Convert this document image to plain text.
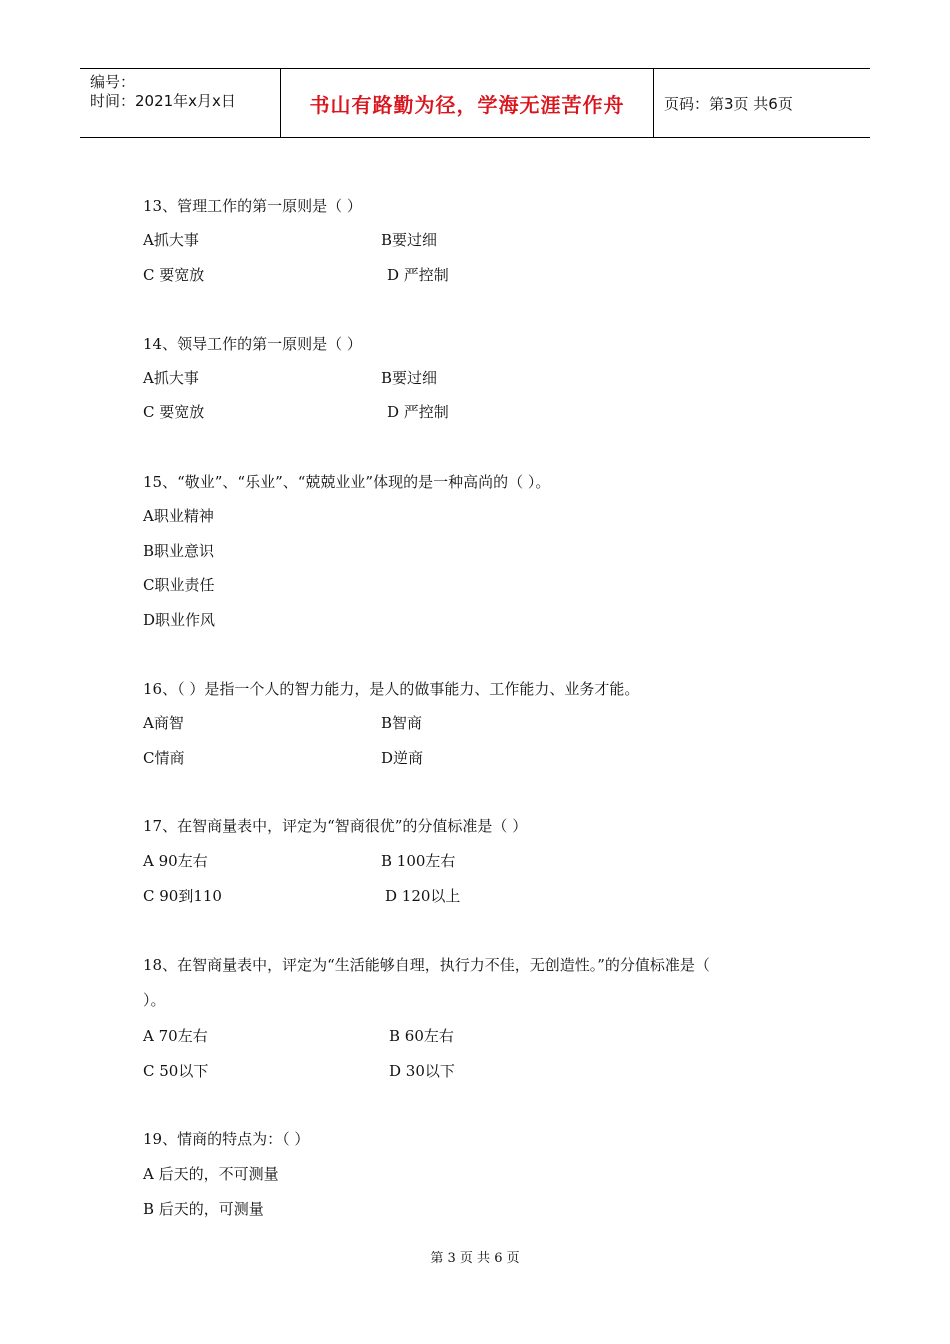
编号：
时间：2021年x月x日	书山有路勤为径，学海无涯苦作舟	页码：第3页 共6页
13、管理工作的第一原则是（ ）
A抓大事	B要过细
C 要宽放	D 严控制
14、领导工作的第一原则是（ ）
A抓大事	B要过细
C 要宽放	D 严控制
15、“敬业”、“乐业”、“兢兢业业”体现的是一种高尚的（ ）。
A职业精神
B职业意识
C职业责任
D职业作风
16、（ ）是指一个人的智力能力，是人的做事能力、工作能力、业务才能。
A商智	B智商
C情商	D逆商
17、在智商量表中，评定为“智商很优”的分值标准是（ ）
A 90左右	B 100左右
C 90到110	D 120以上
18、在智商量表中，评定为“生活能够自理，执行力不佳，无创造性。”的分值标准是（
）。
A 70左右	B 60左右
C 50以下	D 30以下
19、情商的特点为：（ ）
A 后天的，不可测量
B 后天的，可测量
第 3 页 共 6 页
